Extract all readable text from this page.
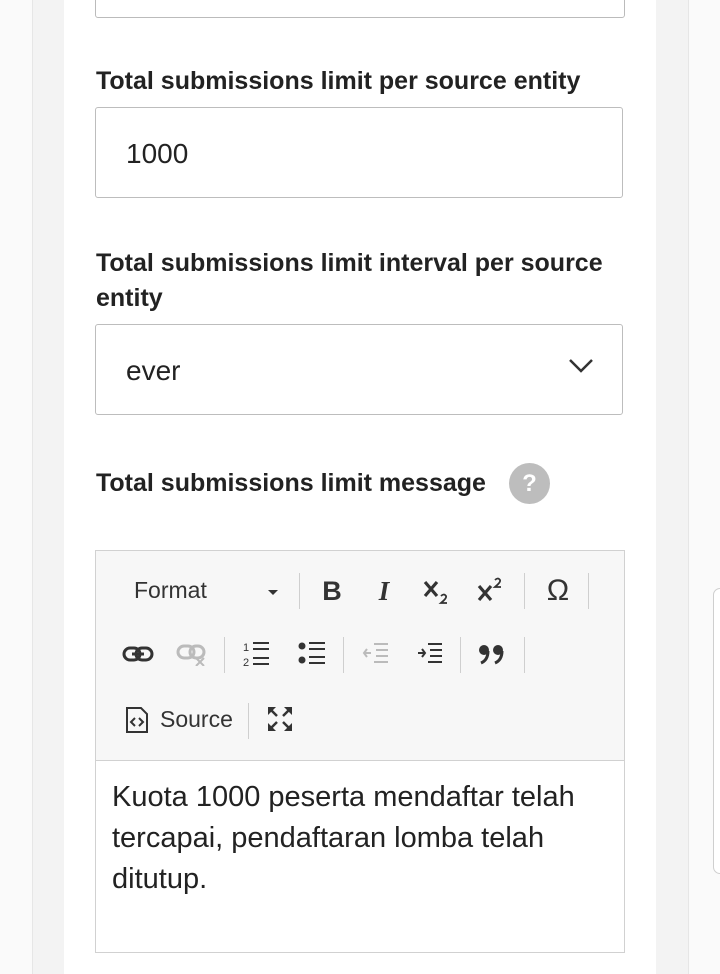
Total submissions limit per source entity
1000
Total submissions limit interval per source entity
ever
Total submissions limit message	?
Format	B	I	Ω
1
2
Source
Kuota 1000 peserta mendaftar telah tercapai, pendaftaran lomba telah ditutup.
